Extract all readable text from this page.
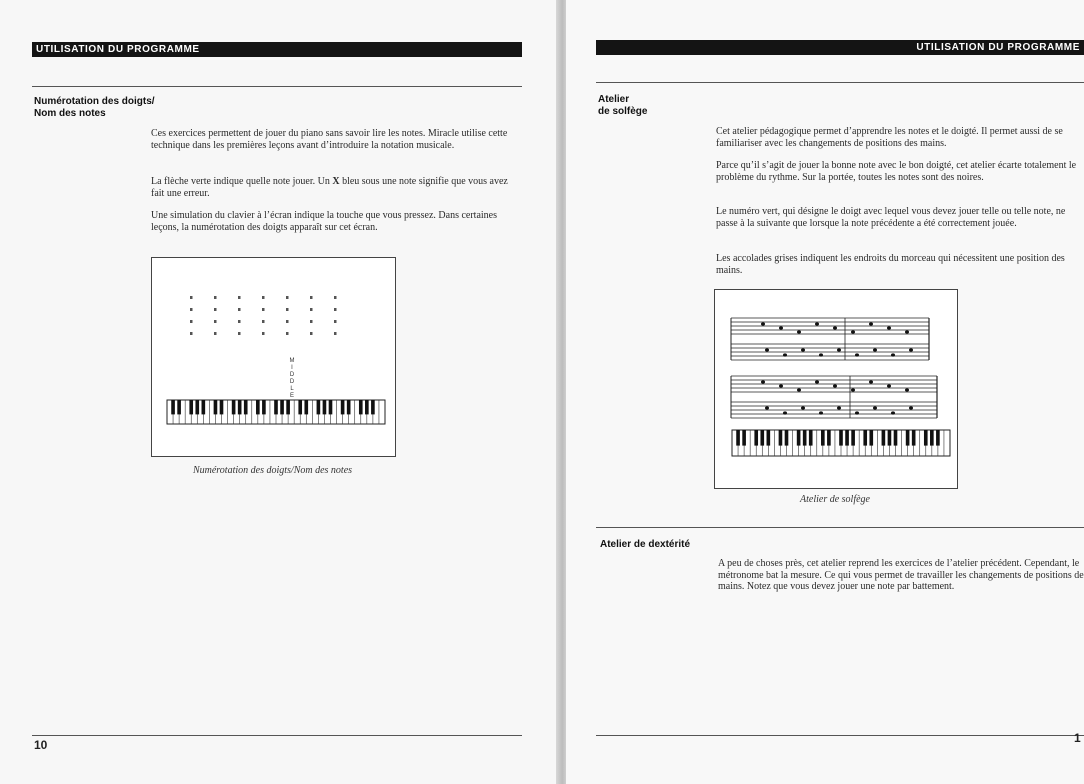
UTILISATION DU PROGRAMME
Numérotation des doigts/
Nom des notes

Ces exercices permettent de jouer du piano sans savoir lire les notes. Miracle utilise cette technique dans les premières leçons avant d’introduire la notation musicale.

La flèche verte indique quelle note jouer. Un X bleu sous une note signifie que vous avez fait une erreur.

Une simulation du clavier à l’écran indique la touche que vous pressez. Dans certaines leçons, la numérotation des doigts apparaît sur cet écran.

M I D D L E
Numérotation des doigts/Nom des notes
10
UTILISATION DU PROGRAMME
Atelier
de solfège

Cet atelier pédagogique permet d’apprendre les notes et le doigté. Il permet aussi de se familiariser avec les changements de positions des mains.

Parce qu’il s’agit de jouer la bonne note avec le bon doigté, cet atelier écarte totalement le problème du rythme. Sur la portée, toutes les notes sont des noires.

Le numéro vert, qui désigne le doigt avec lequel vous devez jouer telle ou telle note, ne passe à la suivante que lorsque la note précédente a été correctement jouée.

Les accolades grises indiquent les endroits du morceau qui nécessitent une position des mains.

Atelier de solfège
Atelier de dextérité

A peu de choses près, cet atelier reprend les exercices de l’atelier précédent. Cependant, le métronome bat la mesure. Ce qui vous permet de travailler les changements de positions de mains. Notez que vous devez jouer une note par battement.

1
